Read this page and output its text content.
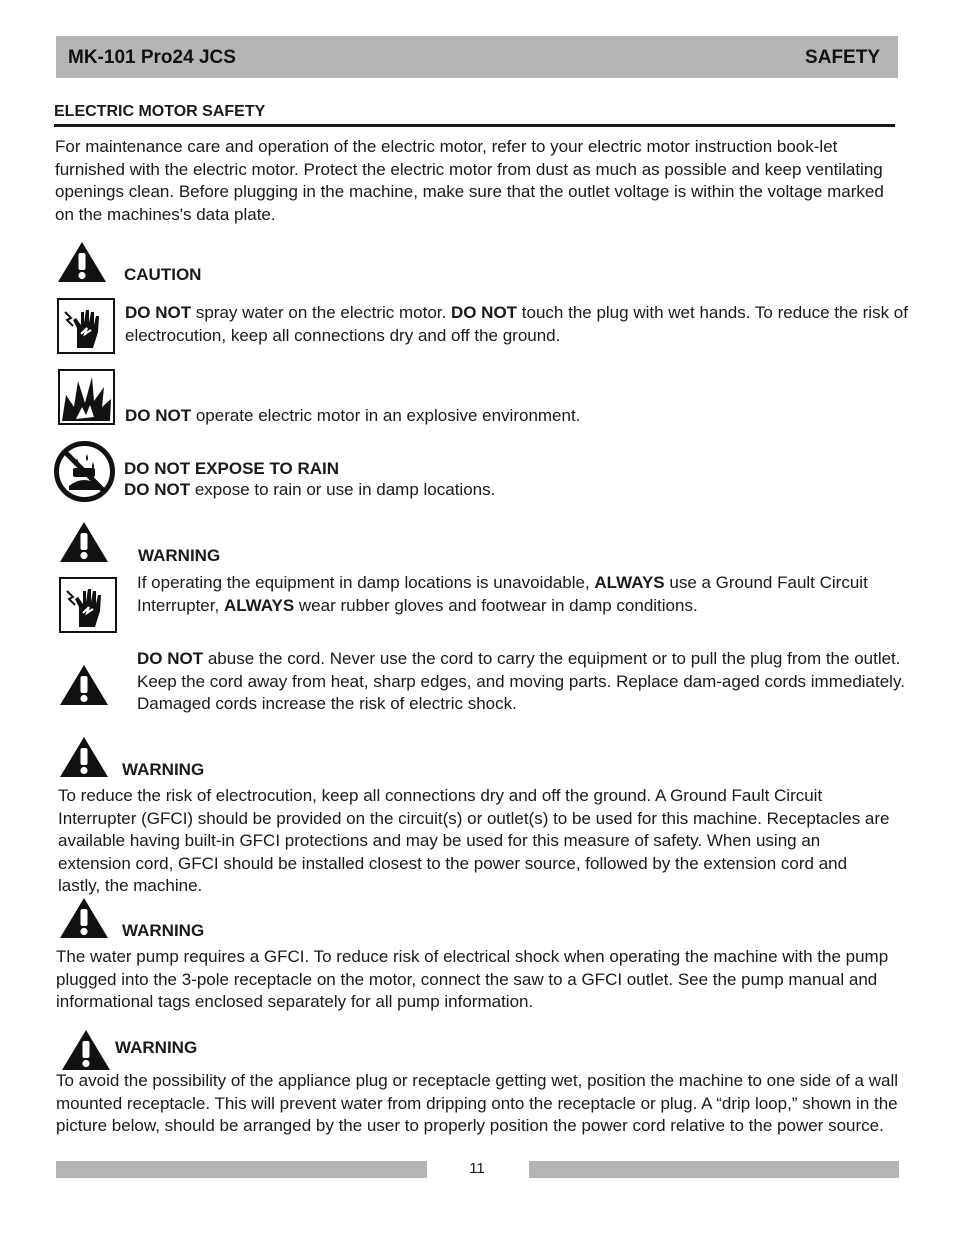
MK-101 Pro24 JCS	SAFETY
ELECTRIC MOTOR SAFETY
For maintenance care and operation of the electric motor, refer to your electric motor instruction book-let furnished with the electric motor. Protect the electric motor from dust as much as possible and keep ventilating openings clean. Before plugging in the machine, make sure that the outlet voltage is within the voltage marked on the machines's data plate.
CAUTION
DO NOT spray water on the electric motor. DO NOT touch the plug with wet hands. To reduce the risk of electrocution, keep all connections dry and off the ground.
DO NOT operate electric motor in an explosive environment.
DO NOT EXPOSE TO RAIN
DO NOT expose to rain or use in damp locations.
WARNING
If operating the equipment in damp locations is unavoidable, ALWAYS use a Ground Fault Circuit Interrupter, ALWAYS wear rubber gloves and footwear in damp conditions.
DO NOT abuse the cord. Never use the cord to carry the equipment or to pull the plug from the outlet. Keep the cord away from heat, sharp edges, and moving parts. Replace dam-aged cords immediately. Damaged cords increase the risk of electric shock.
WARNING
To reduce the risk of electrocution, keep all connections dry and off the ground. A Ground Fault Circuit Interrupter (GFCI) should be provided on the circuit(s) or outlet(s) to be used for this machine. Receptacles are available having built-in GFCI protections and may be used for this measure of safety. When using an extension cord, GFCI should be installed closest to the power source, followed by the extension cord and lastly, the machine.
WARNING
The water pump requires a GFCI. To reduce risk of electrical shock when operating the machine with the pump plugged into the 3-pole receptacle on the motor, connect the saw to a GFCI outlet. See the pump manual and informational tags enclosed separately for all pump information.
WARNING
To avoid the possibility of the appliance plug or receptacle getting wet, position the machine to one side of a wall mounted receptacle. This will prevent water from dripping onto the receptacle or plug. A “drip loop,” shown in the picture below, should be arranged by the user to properly position the power cord relative to the power source.
11
